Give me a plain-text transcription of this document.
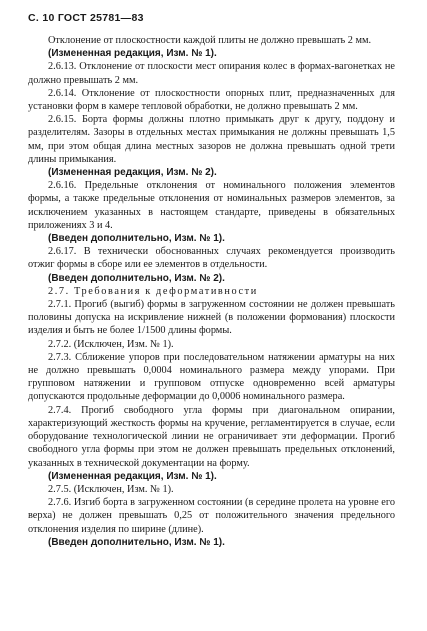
С. 10 ГОСТ 25781—83

Отклонение от плоскостности каждой плиты не должно превышать 2 мм.

(Измененная редакция, Изм. № 1).

2.6.13. Отклонение от плоскости мест опирания колес в формах-вагонетках не должно превышать 2 мм.

2.6.14. Отклонение от плоскостности опорных плит, предназначенных для установки форм в камере тепловой обработки, не должно превышать 2 мм.

2.6.15. Борта формы должны плотно примыкать друг к другу, поддону и разделителям. Зазоры в отдельных местах примыкания не должны превышать 1,5 мм, при этом общая длина местных зазоров не должна превышать одной трети длины примыкания.

(Измененная редакция, Изм. № 2).

2.6.16. Предельные отклонения от номинального положения элементов формы, а также предельные отклонения от номинальных размеров элементов, за исключением указанных в настоящем стандарте, приведены в обязательных приложениях 3 и 4.

(Введен дополнительно, Изм. № 1).

2.6.17. В технически обоснованных случаях рекомендуется производить отжиг формы в сборе или ее элементов в отдельности.

(Введен дополнительно, Изм. № 2).

2.7. Требования к деформативности

2.7.1. Прогиб (выгиб) формы в загруженном состоянии не должен превышать половины допуска на искривление нижней (в положении формования) плоскости изделия и быть не более 1/1500 длины формы.

2.7.2. (Исключен, Изм. № 1).

2.7.3. Сближение упоров при последовательном натяжении арматуры на них не должно превышать 0,0004 номинального размера между упорами. При групповом натяжении и групповом отпуске одновременно всей арматуры допускаются продольные деформации до 0,0006 номинального размера.

2.7.4. Прогиб свободного угла формы при диагональном опирании, характеризующий жесткость формы на кручение, регламентируется в случае, если оборудование технологической линии не ограничивает эти деформации. Прогиб свободного угла формы при этом не должен превышать предельных отклонений, указанных в технической документации на форму.

(Измененная редакция, Изм. № 1).

2.7.5. (Исключен, Изм. № 1).

2.7.6. Изгиб борта в загруженном состоянии (в середине пролета на уровне его верха) не должен превышать 0,25 от положительного значения предельного отклонения изделия по ширине (длине).

(Введен дополнительно, Изм. № 1).
